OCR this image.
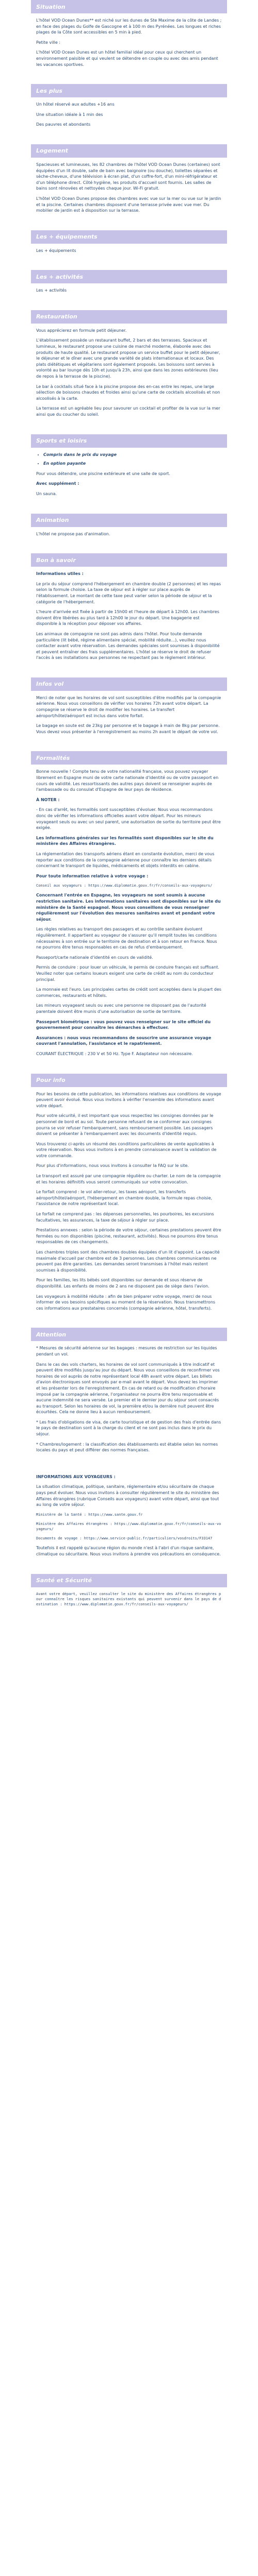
Situation

L'hôtel VOD Ocean Dunes** est niché sur les dunes de Ste Maxime de la côte de Landes ; en face des plages du Golfe de Gascogne et à 100 m des Pyrénées. Les longues et riches plages de la Côte sont accessibles en 5 min à pied.

Petite ville :

L'hôtel VOD Ocean Dunes est un hôtel familial idéal pour ceux qui cherchent un environnement paisible et qui veulent se détendre en couple ou avec des amis pendant les vacances sportives.

Les plus

Un hôtel réservé aux adultes +16 ans

Une situation idéale à 1 min des

Des pauvres et abondants

Logement

Spacieuses et lumineuses, les 82 chambres de l'hôtel VOD Ocean Dunes (certaines) sont équipées d'un lit double, salle de bain avec baignoire (ou douche), toilettes séparées et sèche-cheveux, d'une télévision à écran plat, d'un coffre-fort, d'un mini-réfrigérateur et d'un téléphone direct. Côté hygiène, les produits d'accueil sont fournis. Les salles de bains sont rénovées et nettoyées chaque jour. Wi-Fi gratuit.

L'hôtel VOD Ocean Dunes propose des chambres avec vue sur la mer ou vue sur le jardin et la piscine. Certaines chambres disposent d'une terrasse privée avec vue mer. Du mobilier de jardin est à disposition sur la terrasse.

Les + équipements

Les + équipements

Les + activités

Les + activités

Restauration

Vous apprécierez en formule petit déjeuner.

L'établissement possède un restaurant buffet, 2 bars et des terrasses. Spacieux et lumineux, le restaurant propose une cuisine de marché moderne, élaborée avec des produits de haute qualité. Le restaurant propose un service buffet pour le petit déjeuner, le déjeuner et le dîner avec une grande variété de plats internationaux et locaux. Des plats diététiques et végétariens sont également proposés. Les boissons sont servies à volonté au bar lounge dès 10h et jusqu'à 23h, ainsi que dans les zones extérieures (lieu de repos à la terrasse de la piscine).

Le bar à cocktails situé face à la piscine propose des en-cas entre les repas, une large sélection de boissons chaudes et froides ainsi qu'une carte de cocktails alcoolisés et non alcoolisés à la carte.

La terrasse est un agréable lieu pour savourer un cocktail et profiter de la vue sur la mer ainsi que du coucher du soleil.

Sports et loisirs
• Compris dans le prix du voyage
• En option payante

Pour vous détendre, une piscine extérieure et une salle de sport.

Avec supplément :

Un sauna.

Animation

L'hôtel ne propose pas d'animation.

Bon à savoir

Informations utiles :

Le prix du séjour comprend l'hébergement en chambre double (2 personnes) et les repas selon la formule choisie. La taxe de séjour est à régler sur place auprès de l'établissement. Le montant de cette taxe peut varier selon la période de séjour et la catégorie de l'hébergement.

L'heure d'arrivée est fixée à partir de 15h00 et l'heure de départ à 12h00. Les chambres doivent être libérées au plus tard à 12h00 le jour du départ. Une bagagerie est disponible à la réception pour déposer vos affaires.

Les animaux de compagnie ne sont pas admis dans l'hôtel. Pour toute demande particulière (lit bébé, régime alimentaire spécial, mobilité réduite...), veuillez nous contacter avant votre réservation. Les demandes spéciales sont soumises à disponibilité et peuvent entraîner des frais supplémentaires. L'hôtel se réserve le droit de refuser l'accès à ses installations aux personnes ne respectant pas le règlement intérieur.

Infos vol

Merci de noter que les horaires de vol sont susceptibles d'être modifiés par la compagnie aérienne. Nous vous conseillons de vérifier vos horaires 72h avant votre départ. La compagnie se réserve le droit de modifier les horaires. Le transfert aéroport/hôtel/aéroport est inclus dans votre forfait.

Le bagage en soute est de 23kg par personne et le bagage à main de 8kg par personne. Vous devez vous présenter à l'enregistrement au moins 2h avant le départ de votre vol.

Formalités

Bonne nouvelle ! Compte tenu de votre nationalité française, vous pouvez voyager librement en Espagne muni de votre carte nationale d'identité ou de votre passeport en cours de validité. Les ressortissants des autres pays doivent se renseigner auprès de l'ambassade ou du consulat d'Espagne de leur pays de résidence.

À NOTER :

- En cas d'arrêt, les formalités sont susceptibles d'évoluer. Nous vous recommandons donc de vérifier les informations officielles avant votre départ. Pour les mineurs voyageant seuls ou avec un seul parent, une autorisation de sortie du territoire peut être exigée.

Les informations générales sur les formalités sont disponibles sur le site du ministère des Affaires étrangères.

La réglementation des transports aériens étant en constante évolution, merci de vous reporter aux conditions de la compagnie aérienne pour connaître les derniers détails concernant le transport de liquides, médicaments et objets interdits en cabine.

Pour toute information relative à votre voyage :

Conseil aux voyageurs : https://www.diplomatie.gouv.fr/fr/conseils-aux-voyageurs/

Concernant l'entrée en Espagne, les voyageurs ne sont soumis à aucune restriction sanitaire. Les informations sanitaires sont disponibles sur le site du ministère de la Santé espagnol. Nous vous conseillons de vous renseigner régulièrement sur l'évolution des mesures sanitaires avant et pendant votre séjour.

Les règles relatives au transport des passagers et au contrôle sanitaire évoluent régulièrement. Il appartient au voyageur de s'assurer qu'il remplit toutes les conditions nécessaires à son entrée sur le territoire de destination et à son retour en France. Nous ne pourrons être tenus responsables en cas de refus d'embarquement.

Passeport/carte nationale d'identité en cours de validité.

Permis de conduire : pour louer un véhicule, le permis de conduire français est suffisant. Veuillez noter que certains loueurs exigent une carte de crédit au nom du conducteur principal.

La monnaie est l'euro. Les principales cartes de crédit sont acceptées dans la plupart des commerces, restaurants et hôtels.

Les mineurs voyageant seuls ou avec une personne ne disposant pas de l'autorité parentale doivent être munis d'une autorisation de sortie de territoire.

Passeport biométrique : vous pouvez vous renseigner sur le site officiel du gouvernement pour connaître les démarches à effectuer.

Assurances : nous vous recommandons de souscrire une assurance voyage couvrant l'annulation, l'assistance et le rapatriement.

COURANT ÉLECTRIQUE : 230 V et 50 Hz. Type F. Adaptateur non nécessaire.

Pour info

Pour les besoins de cette publication, les informations relatives aux conditions de voyage peuvent avoir évolué. Nous vous invitons à vérifier l'ensemble des informations avant votre départ.

Pour votre sécurité, il est important que vous respectiez les consignes données par le personnel de bord et au sol. Toute personne refusant de se conformer aux consignes pourra se voir refuser l'embarquement, sans remboursement possible. Les passagers doivent se présenter à l'embarquement avec les documents d'identité requis.

Vous trouverez ci-après un résumé des conditions particulières de vente applicables à votre réservation. Nous vous invitons à en prendre connaissance avant la validation de votre commande.

Pour plus d'informations, nous vous invitons à consulter la FAQ sur le site.

Le transport est assuré par une compagnie régulière ou charter. Le nom de la compagnie et les horaires définitifs vous seront communiqués sur votre convocation.

Le forfait comprend : le vol aller-retour, les taxes aéroport, les transferts aéroport/hôtel/aéroport, l'hébergement en chambre double, la formule repas choisie, l'assistance de notre représentant local.

Le forfait ne comprend pas : les dépenses personnelles, les pourboires, les excursions facultatives, les assurances, la taxe de séjour à régler sur place.

Prestations annexes : selon la période de votre séjour, certaines prestations peuvent être fermées ou non disponibles (piscine, restaurant, activités). Nous ne pourrons être tenus responsables de ces changements.

Les chambres triples sont des chambres doubles équipées d'un lit d'appoint. La capacité maximale d'accueil par chambre est de 3 personnes. Les chambres communicantes ne peuvent pas être garanties. Les demandes seront transmises à l'hôtel mais restent soumises à disponibilité.

Pour les familles, les lits bébés sont disponibles sur demande et sous réserve de disponibilité. Les enfants de moins de 2 ans ne disposent pas de siège dans l'avion.

Les voyageurs à mobilité réduite : afin de bien préparer votre voyage, merci de nous informer de vos besoins spécifiques au moment de la réservation. Nous transmettrons ces informations aux prestataires concernés (compagnie aérienne, hôtel, transferts).

Attention

* Mesures de sécurité aérienne sur les bagages : mesures de restriction sur les liquides pendant un vol.

Dans le cas des vols charters, les horaires de vol sont communiqués à titre indicatif et peuvent être modifiés jusqu'au jour du départ. Nous vous conseillons de reconfirmer vos horaires de vol auprès de notre représentant local 48h avant votre départ. Les billets d'avion électroniques sont envoyés par e-mail avant le départ. Vous devez les imprimer et les présenter lors de l'enregistrement. En cas de retard ou de modification d'horaire imposé par la compagnie aérienne, l'organisateur ne pourra être tenu responsable et aucune indemnité ne sera versée. Le premier et le dernier jour du séjour sont consacrés au transport. Selon les horaires de vol, la première et/ou la dernière nuit peuvent être écourtées. Cela ne donne lieu à aucun remboursement.

* Les frais d'obligations de visa, de carte touristique et de gestion des frais d'entrée dans le pays de destination sont à la charge du client et ne sont pas inclus dans le prix du séjour.

* Chambres/logement : la classification des établissements est établie selon les normes locales du pays et peut différer des normes françaises.

INFORMATIONS AUX VOYAGEURS :

La situation climatique, politique, sanitaire, réglementaire et/ou sécuritaire de chaque pays peut évoluer. Nous vous invitons à consulter régulièrement le site du ministère des Affaires étrangères (rubrique Conseils aux voyageurs) avant votre départ, ainsi que tout au long de votre séjour.

Ministère de la Santé : https://www.sante.gouv.fr

Ministère des Affaires étrangères : https://www.diplomatie.gouv.fr/fr/conseils-aux-voyageurs/

Documents de voyage : https://www.service-public.fr/particuliers/vosdroits/F33147

Toutefois il est rappelé qu'aucune région du monde n'est à l'abri d'un risque sanitaire, climatique ou sécuritaire. Nous vous invitons à prendre vos précautions en conséquence.

Santé et Sécurité

Avant votre départ, veuillez consulter le site du ministère des Affaires étrangères pour connaître les risques sanitaires existants qui peuvent survenir dans le pays de destination : https://www.diplomatie.gouv.fr/fr/conseils-aux-voyageurs/
